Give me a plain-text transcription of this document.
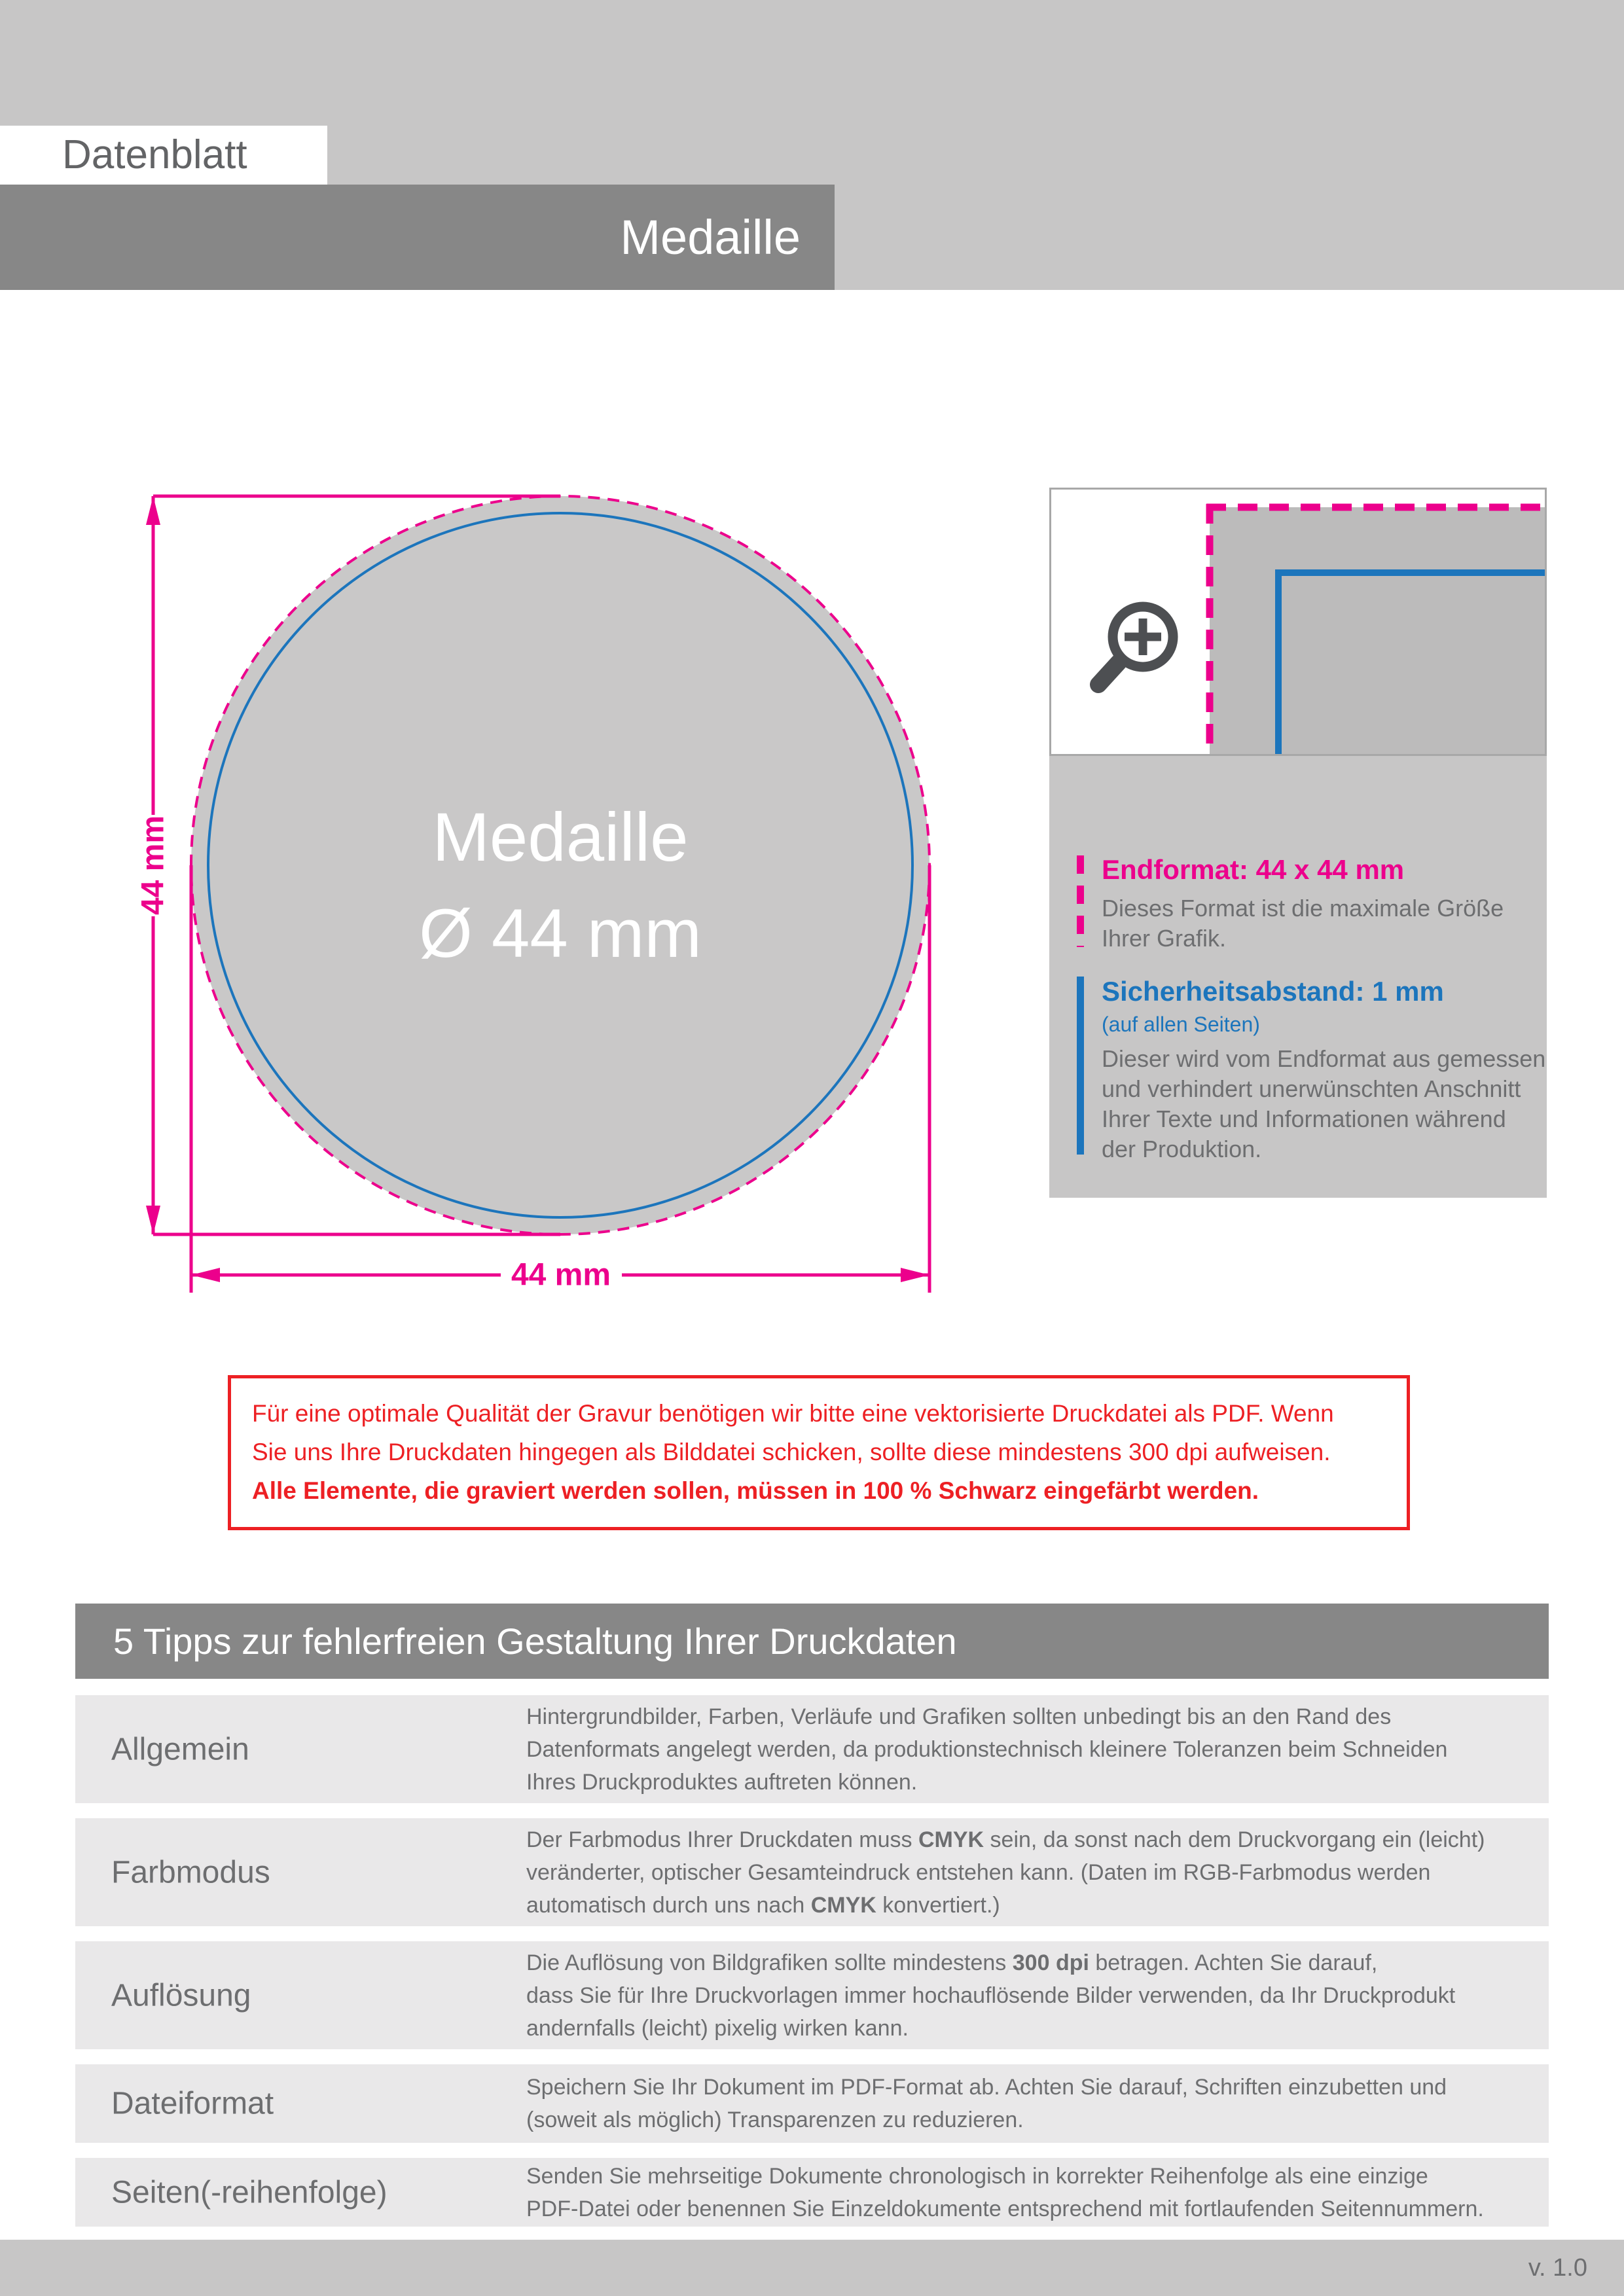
Datenblatt
Medaille
Medaille
Ø 44 mm
44 mm
44 mm
Endformat: 44 x 44 mm
Dieses Format ist die maximale Größe
Ihrer Grafik.
Sicherheitsabstand: 1 mm
(auf allen Seiten)
Dieser wird vom Endformat aus gemessen
und verhindert unerwünschten Anschnitt
Ihrer Texte und Informationen während
der Produktion.
Für eine optimale Qualität der Gravur benötigen wir bitte eine vektorisierte Druckdatei als PDF. Wenn
Sie uns Ihre Druckdaten hingegen als Bilddatei schicken, sollte diese mindestens 300 dpi aufweisen.
Alle Elemente, die graviert werden sollen, müssen in 100 % Schwarz eingefärbt werden.
5 Tipps zur fehlerfreien Gestaltung Ihrer Druckdaten
Allgemein
Hintergrundbilder, Farben, Verläufe und Grafiken sollten unbedingt bis an den Rand des
Datenformats angelegt werden, da produktionstechnisch kleinere Toleranzen beim Schneiden
Ihres Druckproduktes auftreten können.
Farbmodus
Der Farbmodus Ihrer Druckdaten muss CMYK sein, da sonst nach dem Druckvorgang ein (leicht)
veränderter, optischer Gesamteindruck entstehen kann. (Daten im RGB-Farbmodus werden
automatisch durch uns nach CMYK konvertiert.)
Auflösung
Die Auflösung von Bildgrafiken sollte mindestens 300 dpi betragen. Achten Sie darauf,
dass Sie für Ihre Druckvorlagen immer hochauflösende Bilder verwenden, da Ihr Druckprodukt
andernfalls (leicht) pixelig wirken kann.
Dateiformat	Speichern Sie Ihr Dokument im PDF-Format ab. Achten Sie darauf, Schriften einzubetten und
(soweit als möglich) Transparenzen zu reduzieren.
Seiten(-reihenfolge)	Senden Sie mehrseitige Dokumente chronologisch in korrekter Reihenfolge als eine einzige
PDF-Datei oder benennen Sie Einzeldokumente entsprechend mit fortlaufenden Seitennummern.
v. 1.0
